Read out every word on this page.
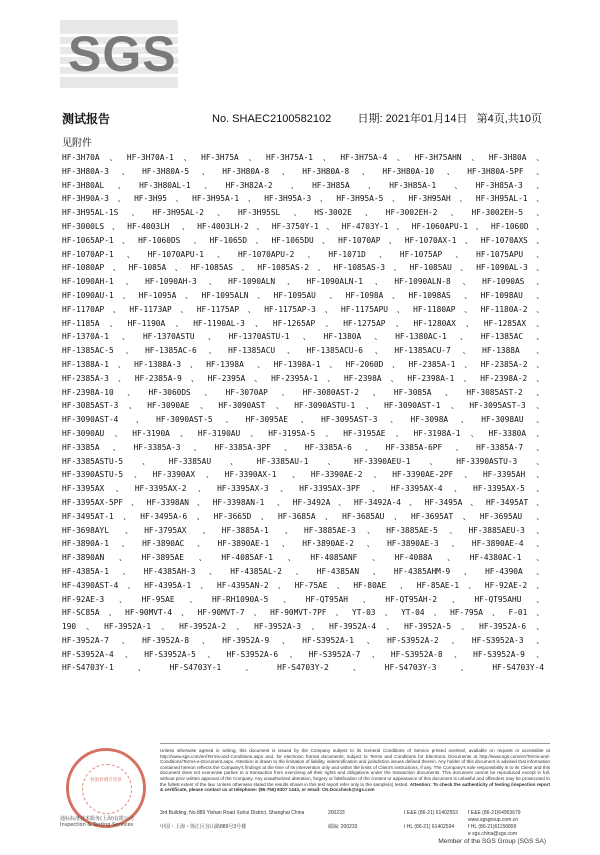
SGS
测试报告	No. SHAEC2100582102	日期: 2021年01月14日 第4页,共10页
见附件
HF-3H70A、HF-3H70A-1、HF-3H75A、HF-3H75A-1、HF-3H75A-4、HF-3H75AHN、HF-3H80A、
HF-3H80A-3、HF-3H80A-5、HF-3H80A-8、HF-3H80A-8、HF-3H80A-10、HF-3H80A-5PF、
HF-3H80AL、HF-3H80AL-1、HF-3H82A-2 、HF-3H85A 、HF-3H85A-1 、HF-3H85A-3、
HF-3H90A-3、HF-3H95、HF-3H95A-1、HF-3H95A-3、HF-3H95A-5、HF-3H95AH、HF-3H95AL-1、
HF-3H95AL-1S、HF-3H95AL-2、HF-3H95SL、HS-3002E、HF-3002EH-2、HF-3002EH-5、
HF-3000LS、HF-4003LH 、HF-4003LH-2、HF-3750Y-1、HF-4703Y-1、HF-1060APU-1、HF-1060D、
HF-1065AP-1、HF-1060DS 、HF-1065D、HF-1065DU、HF-1070AP、HF-1070AX-1、HF-1070AXS、
HF-1070AP-1、HF-1070APU-1、HF-1070APU-2、HF-1071D、HF-1075AP、HF-1075APU、
HF-1080AP、HF-1085A、HF-1085AS、HF-1085AS-2、HF-1085AS-3、HF-1085AU、HF-1090AL-3、
HF-1090AH-1、HF-1090AH-3、HF-1090ALN、HF-1090ALN-1、HF-1090ALN-8、HF-1090AS、
HF-1090AU-1、HF-1095A、HF-1095ALN、HF-1095AU 、HF-1098A、HF-1098AS 、HF-1098AU 、
HF-1170AP、HF-1173AP、HF-1175AP、HF-1175AP-3、HF-1175APU、HF-1180AP、HF-1180A-2、
HF-1185A、HF-1190A、HF-1190AL-3、HF-1265AP、HF-1275AP、HF-1280AX、HF-1285AX、
HF-1370A-1、HF-1370ASTU、HF-1370ASTU-1、HF-1380A、HF-1380AC-1、HF-1385AC、
HF-1385AC-5、HF-1385AC-6、HF-1385ACU、HF-1385ACU-6、HF-1385ACU-7、HF-1388A 、
HF-1388A-1、HF-1388A-3、HF-1398A 、HF-1398A-1、HF-2060D、HF-2385A-1、HF-2385A-2、
HF-2385A-3、HF-2385A-9、HF-2395A、HF-2395A-1、HF-2398A、HF-2398A-1、HF-2398A-2、
HF-2398A-10、HF-3060DS、HF-3070AP、HF-3080AST-2、HF-3085A、HF-3085AST-2、
HF-3085AST-3、HF-3090AE、HF-3090AST、HF-3090ASTU-1、HF-3090AST-1、HF-3095AST-3、
HF-3090AST-4 、HF-3090AST-5、HF-3095AE、HF-3095AST-3、HF-3098A、HF-3098AU、
HF-3090AU、HF-3190A、HF-3190AU、HF-3195A-5、HF-3195AE、HF-3198A-1、HF-3380A、
HF-3385A、HF-3385A-3、HF-3385A-3PF、HF-3385A-6、HF-3385A-6PF、HF-3385A-7、
HF-3385ASTU-5、HF-3385AU、HF-3385AU-1、HF-3390AEU-1、HF-3390ASTU-3、
HF-3390ASTU-5、HF-3390AX、HF-3390AX-1 、HF-3390AE-2、HF-3390AE-2PF、HF-3395AH、
HF-3395AX、HF-3395AX-2、HF-3395AX-3、HF-3395AX-3PF、HF-3395AX-4、HF-3395AX-5、
HF-3395AX-5PF、HF-3398AN、HF-3398AN-1 、HF-3492A、HF-3492A-4、HF-3495A、HF-3495AT、
HF-3495AT-1、HF-3495A-6、HF-3665D、HF-3685A、HF-3685AU、HF-3695AT、HF-3695AU 、
HF-3698AYL 、HF-3795AX 、HF-3885A-1 、HF-3885AE-3、HF-3885AE-5、HF-3885AEU-3、
HF-3890A-1、HF-3890AC、HF-3890AE-1、HF-3890AE-2、HF-3890AE-3、HF-3890AE-4、
HF-3890AN、HF-3895AE、HF-4085AF-1、HF-4085ANF、HF-4088A、HF-4380AC-1、
HF-4385A-1、HF-4385AH-3、HF-4385AL-2、HF-4385AN、HF-4385AHM-9、HF-4390A、
HF-4390AST-4、HF-4395A-1、HF-4395AN-2、HF-75AE、HF-80AE 、HF-85AE-1、HF-92AE-2、
HF-92AE-3、HF-95AE、HF-RH1090A-5、HF-QT95AH、HF-QT95AH-2、HF-QT95AHU、
HF-SC85A、HF-90MVT-4、HF-90MVT-7、HF-90MVT-7PF、YT-03、YT-04、HF-795A、F-01、
190、HF-3952A-1、HF-3952A-2、HF-3952A-3、HF-3952A-4、HF-3952A-5、HF-3952A-6、
HF-3952A-7、HF-3952A-8、HF-3952A-9、HF-S3952A-1、HF-S3952A-2、HF-S3952A-3、
HF-S3952A-4、HF-S3952A-5、HF-S3952A-6、HF-S3952A-7、HF-S3952A-8、HF-S3952A-9、
HF-S4703Y-1、HF-S4703Y-1、HF-S4703Y-2、HF-S4703Y-3、HF-S4703Y-4
检验检测专用章
通标标准技术服务(上海)有限公司
Inspection & Testing Services
Unless otherwise agreed in writing, this document is issued by the Company subject to its General Conditions of Service printed overleaf, available on request or accessible at http://www.sgs.com/en/Terms-and-Conditions.aspx and, for electronic format documents, subject to Terms and Conditions for Electronic Documents at http://www.sgs.com/en/Terms-and-Conditions/Terms-e-Document.aspx. Attention is drawn to the limitation of liability, indemnification and jurisdiction issues defined therein. Any holder of this document is advised that information contained hereon reflects the Company's findings at the time of its intervention only and within the limits of Client's instructions, if any. The Company's sole responsibility is to its Client and this document does not exonerate parties to a transaction from exercising all their rights and obligations under the transaction documents. This document cannot be reproduced except in full, without prior written approval of the Company. Any unauthorized alteration, forgery or falsification of the content or appearance of this document is unlawful and offenders may be prosecuted to the fullest extent of the law. Unless otherwise stated the results shown in this test report refer only to the sample(s) tested. Attention: To check the authenticity of testing /inspection report & certificate, please contact us at telephone: (86-755) 8307 1443, or email: CN.Doccheck@sgs.com
3rd Building, No.889 Yishan Road Xuhui District, Shanghai China	200233	t E&E (86-21) 61402553 f E&E (86-21)64953679
www.sgsgroup.com.cn
中国・上海・徐汇区宜山路889号3号楼	邮编: 200233	t HL (86-21) 61402594	f HL (86-21)61156899
e sgs.china@sgs.com
Member of the SGS Group (SGS SA)
